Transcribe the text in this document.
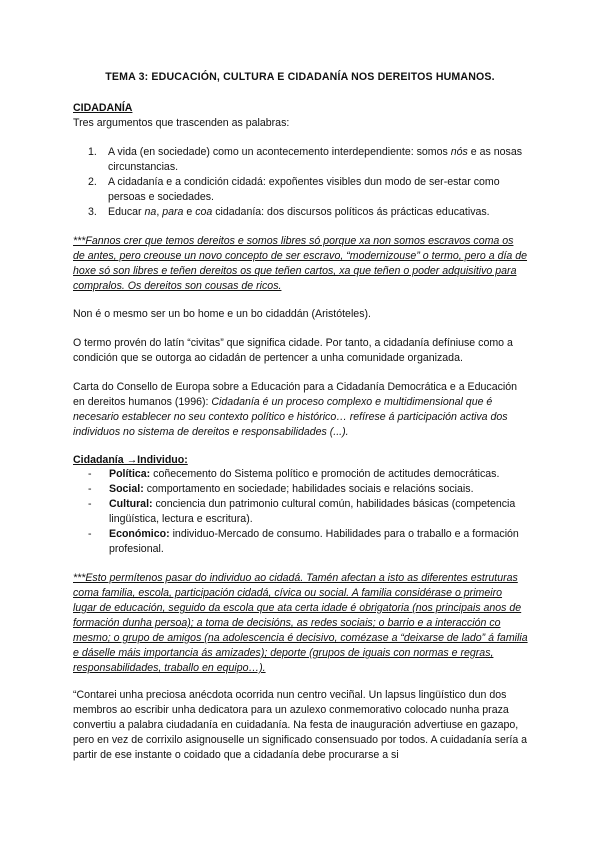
TEMA 3: EDUCACIÓN, CULTURA E CIDADANÍA NOS DEREITOS HUMANOS.
CIDADANÍA
Tres argumentos que trascenden as palabras:
1. A vida (en sociedade) como un acontecemento interdependiente: somos nós e as nosas circunstancias.
2. A cidadanía e a condición cidadá: expoñentes visibles dun modo de ser-estar como persoas e sociedades.
3. Educar na, para e coa cidadanía: dos discursos políticos ás prácticas educativas.
***Fannos crer que temos dereitos e somos libres só porque xa non somos escravos coma os de antes, pero creouse un novo concepto de ser escravo, “modernizouse” o termo, pero a día de hoxe só son libres e teñen dereitos os que teñen cartos, xa que teñen o poder adquisitivo para compralos. Os dereitos son cousas de ricos.
Non é o mesmo ser un bo home e un bo cidaddán (Aristóteles).
O termo provén do latín “civitas” que significa cidade. Por tanto, a cidadanía defíniuse como a condición que se outorga ao cidadán de pertencer a unha comunidade organizada.
Carta do Consello de Europa sobre a Educación para a Cidadanía Democrática e a Educación en dereitos humanos (1996): Cidadanía é un proceso complexo e multidimensional que é necesario establecer no seu contexto político e histórico… refírese á participación activa dos individuos no sistema de dereitos e responsabilidades (...).
Cidadanía →Individuo:
- Política: coñecemento do Sistema político e promoción de actitudes democráticas.
- Social: comportamento en sociedade; habilidades sociais e relacións sociais.
- Cultural: conciencia dun patrimonio cultural común, habilidades básicas (competencia lingüística, lectura e escritura).
- Económico: individuo-Mercado de consumo. Habilidades para o traballo e a formación profesional.
***Esto permítenos pasar do individuo ao cidadá. Tamén afectan a isto as diferentes estruturas coma familia, escola, participación cidadá, cívica ou social. A familia considérase o primeiro lugar de educación, seguido da escola que ata certa idade é obrigatoria (nos principais anos de formación dunha persoa); a toma de decisións, as redes sociais; o barrio e a interacción co mesmo; o grupo de amigos (na adolescencia é decisivo, comézase a “deixarse de lado” á familia e dáselle máis importancia ás amizades); deporte (grupos de iguais con normas e regras, responsabilidades, traballo en equipo…).
“Contarei unha preciosa anécdota ocorrida nun centro veciñal. Un lapsus lingüístico dun dos membros ao escribir unha dedicatora para un azulexo conmemorativo colocado nunha praza convertiu a palabra ciudadanía en cuidadanía. Na festa de inauguración advertiuse en gazapo, pero en vez de corrixilo asignouselle un significado consensuado por todos. A cuidadanía sería a partir de ese instante o coidado que a cidadanía debe procurarse a si
